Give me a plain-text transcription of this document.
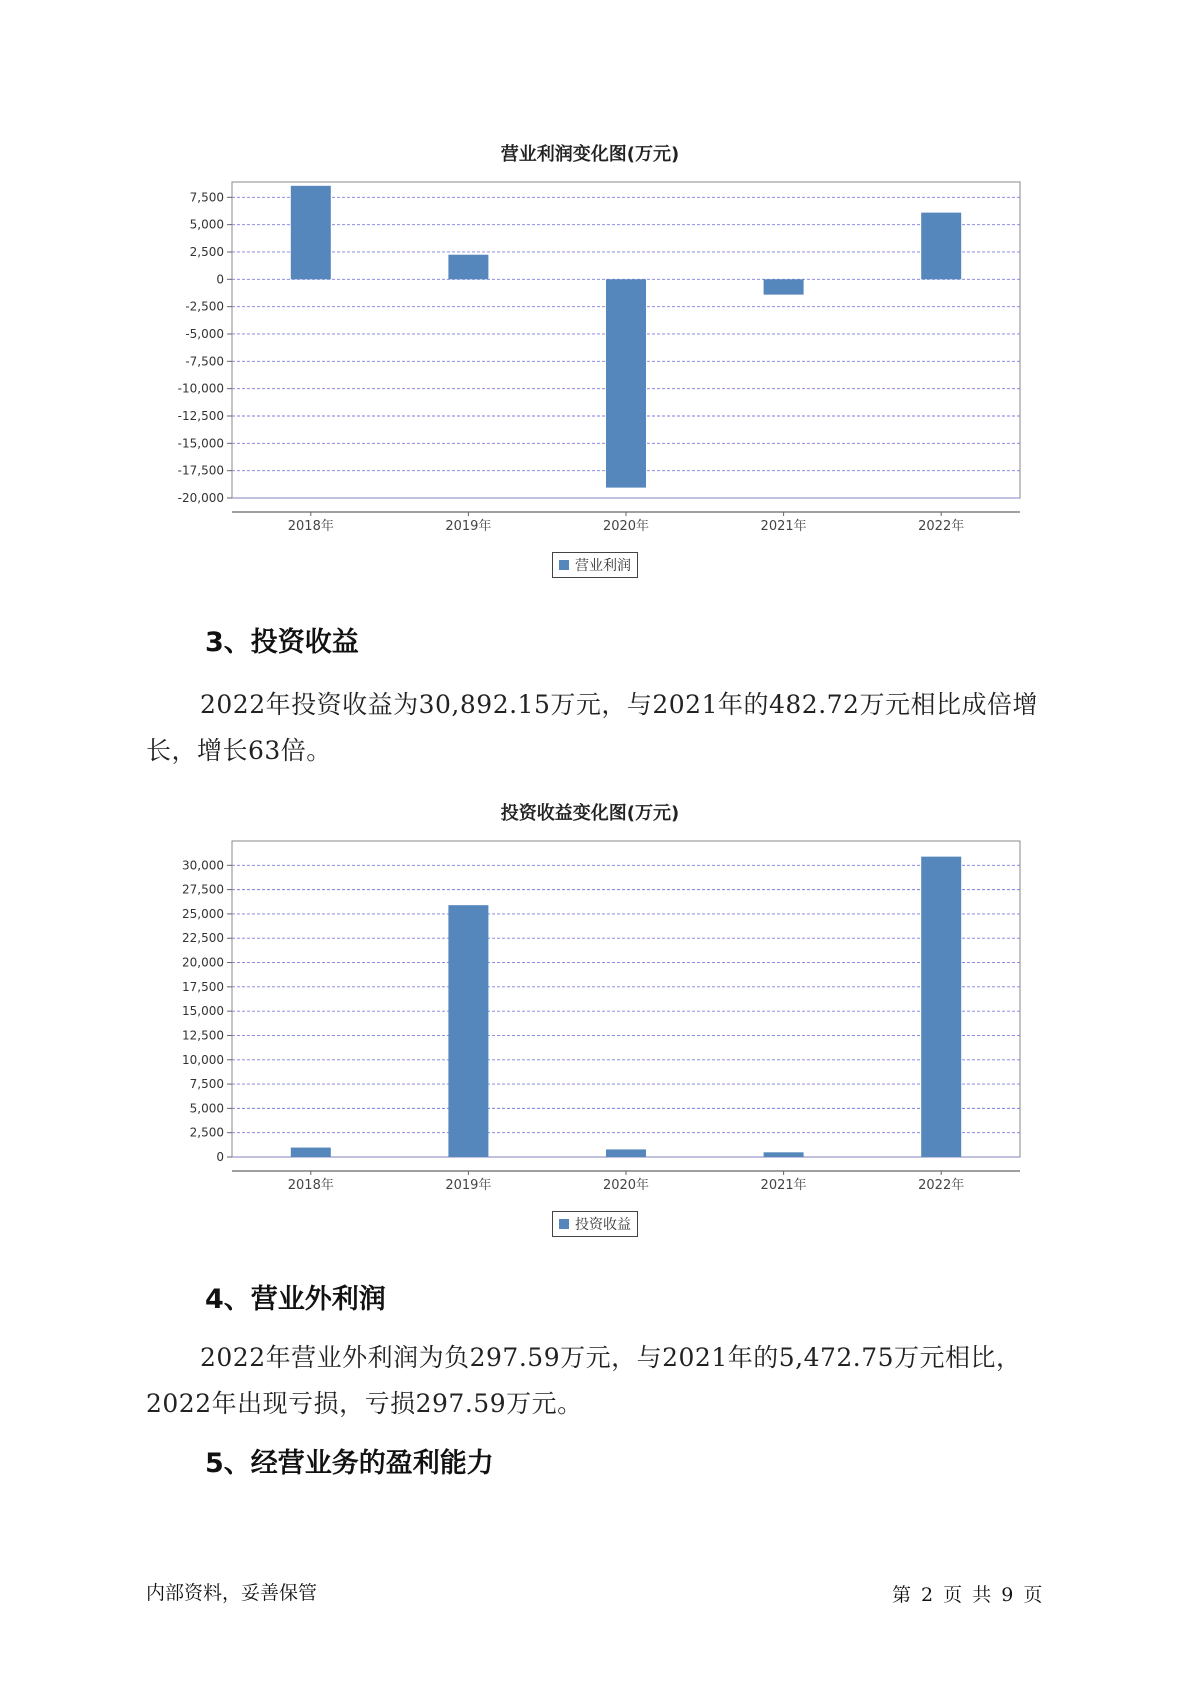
营业利润变化图(万元)
7,500
5,000
2,500
0
-2,500
-5,000
-7,500
-10,000
-12,500
-15,000
-17,500
-20,000
2018年	2019年	2020年	2021年	2022年
营业利润
3、投资收益

2022年投资收益为30,892.15万元，与2021年的482.72万元相比成倍增长，增长63倍。

投资收益变化图(万元)
30,000
27,500
25,000
22,500
20,000
17,500
15,000
12,500
10,000
7,500
5,000
2,500
0
2018年	2019年	2020年	2021年	2022年
投资收益
4、营业外利润

2022年营业外利润为负297.59万元，与2021年的5,472.75万元相比，2022年出现亏损，亏损297.59万元。

5、经营业务的盈利能力
内部资料，妥善保管	第 2 页 共 9 页
